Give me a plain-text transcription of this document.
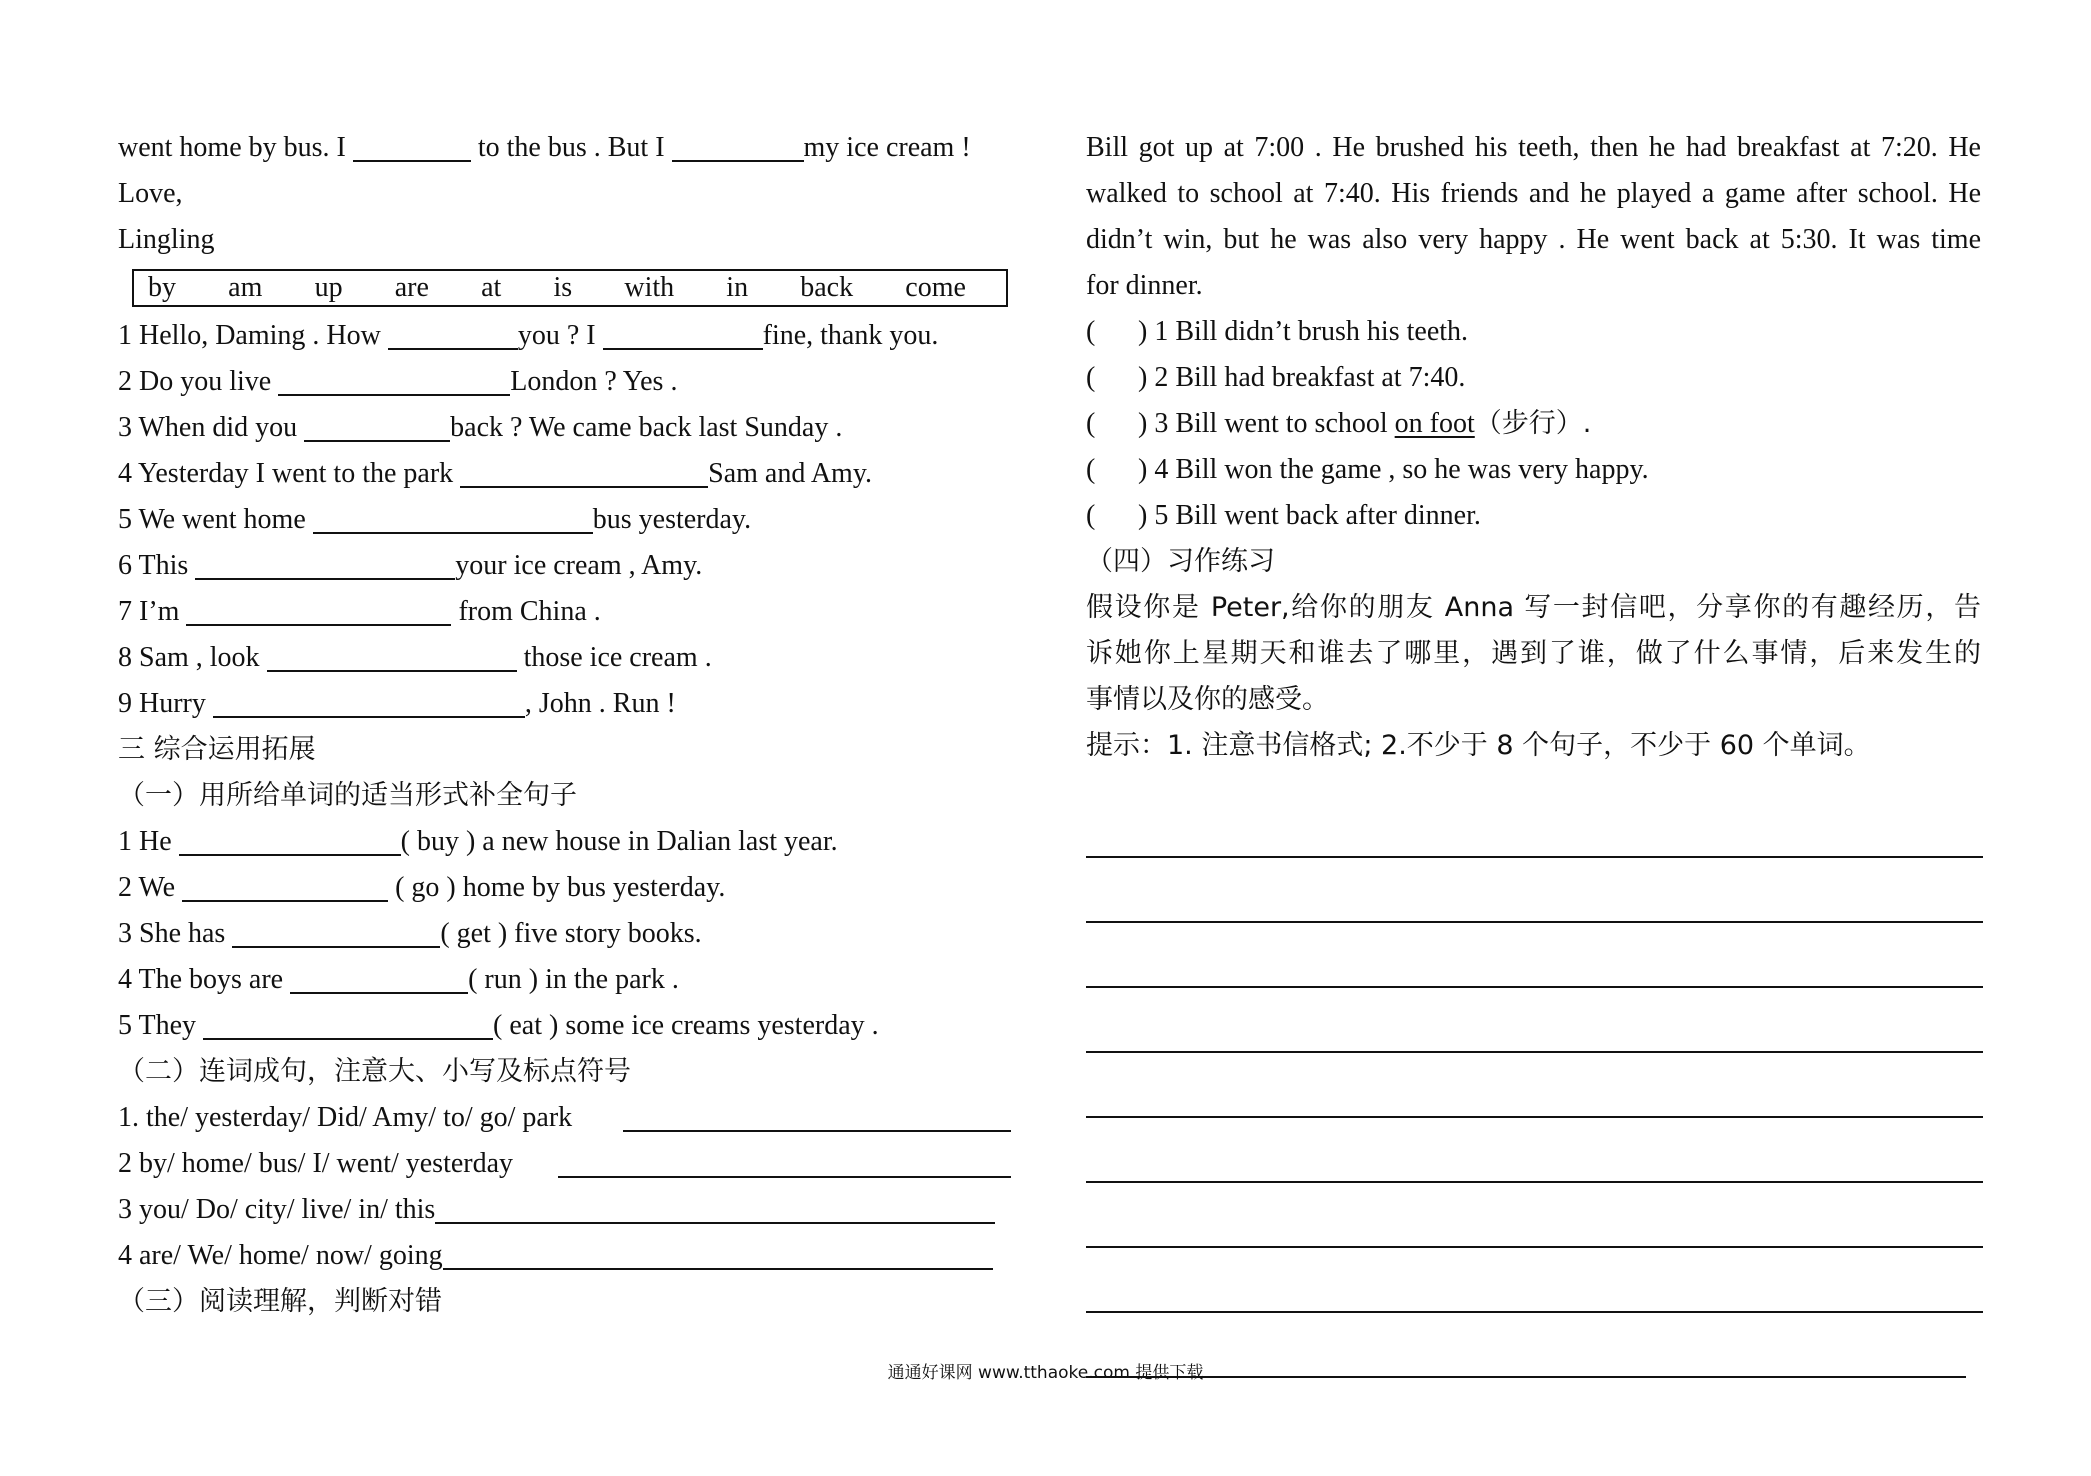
went home by bus. I	to the bus . But I	my ice cream !
Love,
Lingling
by am up are at is with in back come
1 Hello, Daming . How	you ? I	fine, thank you.
2 Do you live	London ? Yes .
3 When did you	back ? We came back last Sunday .
4 Yesterday I went to the park	Sam and Amy.
5 We went home	bus yesterday.
6 This	your ice cream , Amy.
7 I’m	from China .
8 Sam , look	those ice cream .
9 Hurry	, John . Run !
三 综合运用拓展
（一）用所给单词的适当形式补全句子
1 He	( buy ) a new house in Dalian last year.
2 We	( go ) home by bus yesterday.
3 She has	( get ) five story books.
4 The boys are	( run ) in the park .
5 They	( eat ) some ice creams yesterday .
（二）连词成句，注意大、小写及标点符号
1. the/ yesterday/ Did/ Amy/ to/ go/ park
2 by/ home/ bus/ I/ went/ yesterday
3 you/ Do/ city/ live/ in/ this
4 are/ We/ home/ now/ going
（三）阅读理解，判断对错
Bill got up at 7:00 . He brushed his teeth, then he had breakfast at 7:20. He
walked to school at 7:40. His friends and he played a game after school. He
didn’t win, but he was also very happy . He went back at 5:30. It was time
for dinner.
( ) 1 Bill didn’t brush his teeth.
( ) 2 Bill had breakfast at 7:40.
( ) 3 Bill went to school on foot（步行）.
( ) 4 Bill won the game , so he was very happy.
( ) 5 Bill went back after dinner.
（四）习作练习
假设你是 Peter,给你的朋友 Anna 写一封信吧，分享你的有趣经历，告
诉她你上星期天和谁去了哪里，遇到了谁，做了什么事情，后来发生的
事情以及你的感受。
提示：1. 注意书信格式; 2.不少于 8 个句子，不少于 60 个单词。
通通好课网 www.tthaoke.com 提供下载
